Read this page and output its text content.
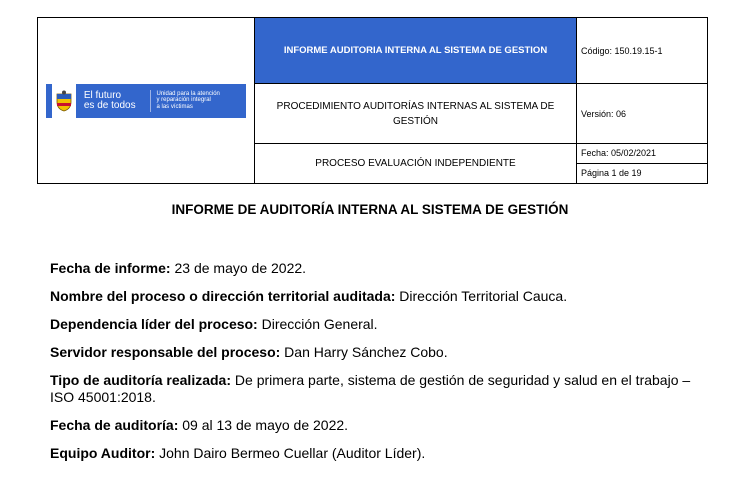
El futuro
es de todos
Unidad para la atención
y reparación integral
a las víctimas	INFORME AUDITORIA INTERNA AL SISTEMA DE GESTION	Código: 150.19.15-1
	PROCEDIMIENTO AUDITORÍAS INTERNAS AL SISTEMA DE GESTIÓN	Versión: 06
	PROCESO EVALUACIÓN INDEPENDIENTE	Fecha: 05/02/2021
Página 1 de 19
INFORME DE AUDITORÍA INTERNA AL SISTEMA DE GESTIÓN
Fecha de informe: 23 de mayo de 2022.
Nombre del proceso o dirección territorial auditada: Dirección Territorial Cauca.
Dependencia líder del proceso: Dirección General.
Servidor responsable del proceso: Dan Harry Sánchez Cobo.
Tipo de auditoría realizada: De primera parte, sistema de gestión de seguridad y salud en el trabajo – ISO 45001:2018.
Fecha de auditoría: 09 al 13 de mayo de 2022.
Equipo Auditor: John Dairo Bermeo Cuellar (Auditor Líder).
